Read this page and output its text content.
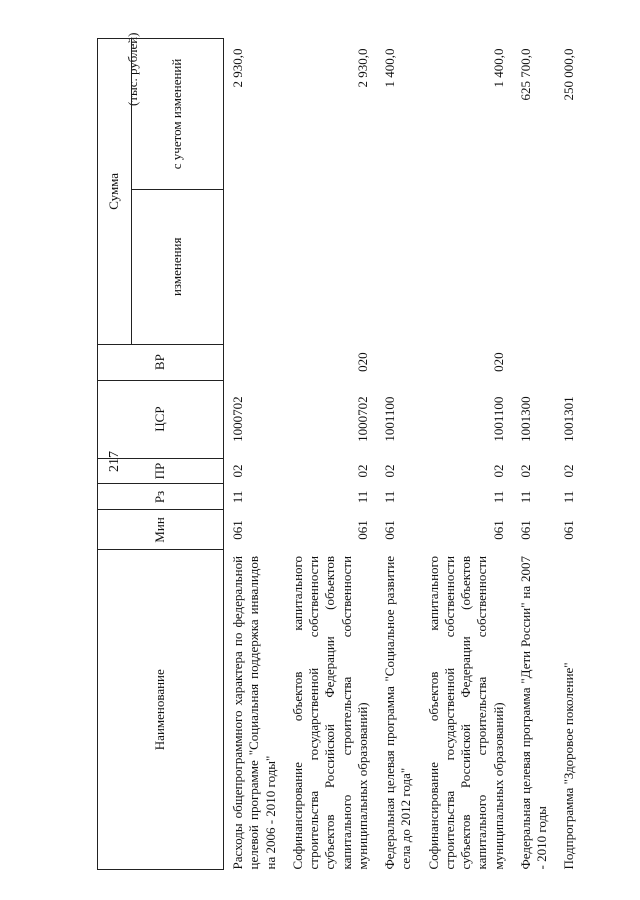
217
(тыс. рублей)
Наименование	Мин	Рз	ПР	ЦСР	ВР	Сумма	
						изменения	с учетом изменений
Расходы общепрограммного характера по федеральной целевой программе "Социальная поддержка инвалидов на 2006 - 2010 годы"	061	11	02	1000702			2 930,0
Софинансирование объектов капитального строительства государственной собственности субъектов Российской Федерации (объектов капитального строительства собственности муниципальных образований)	061	11	02	1000702	020		2 930,0
Федеральная целевая программа "Социальное развитие села до 2012 года"	061	11	02	1001100			1 400,0
Софинансирование объектов капитального строительства государственной собственности субъектов Российской Федерации (объектов капитального строительства собственности муниципальных образований)	061	11	02	1001100	020		1 400,0
Федеральная целевая программа "Дети России" на 2007 - 2010 годы	061	11	02	1001300			625 700,0
Подпрограмма "Здоровое поколение"	061	11	02	1001301			250 000,0
